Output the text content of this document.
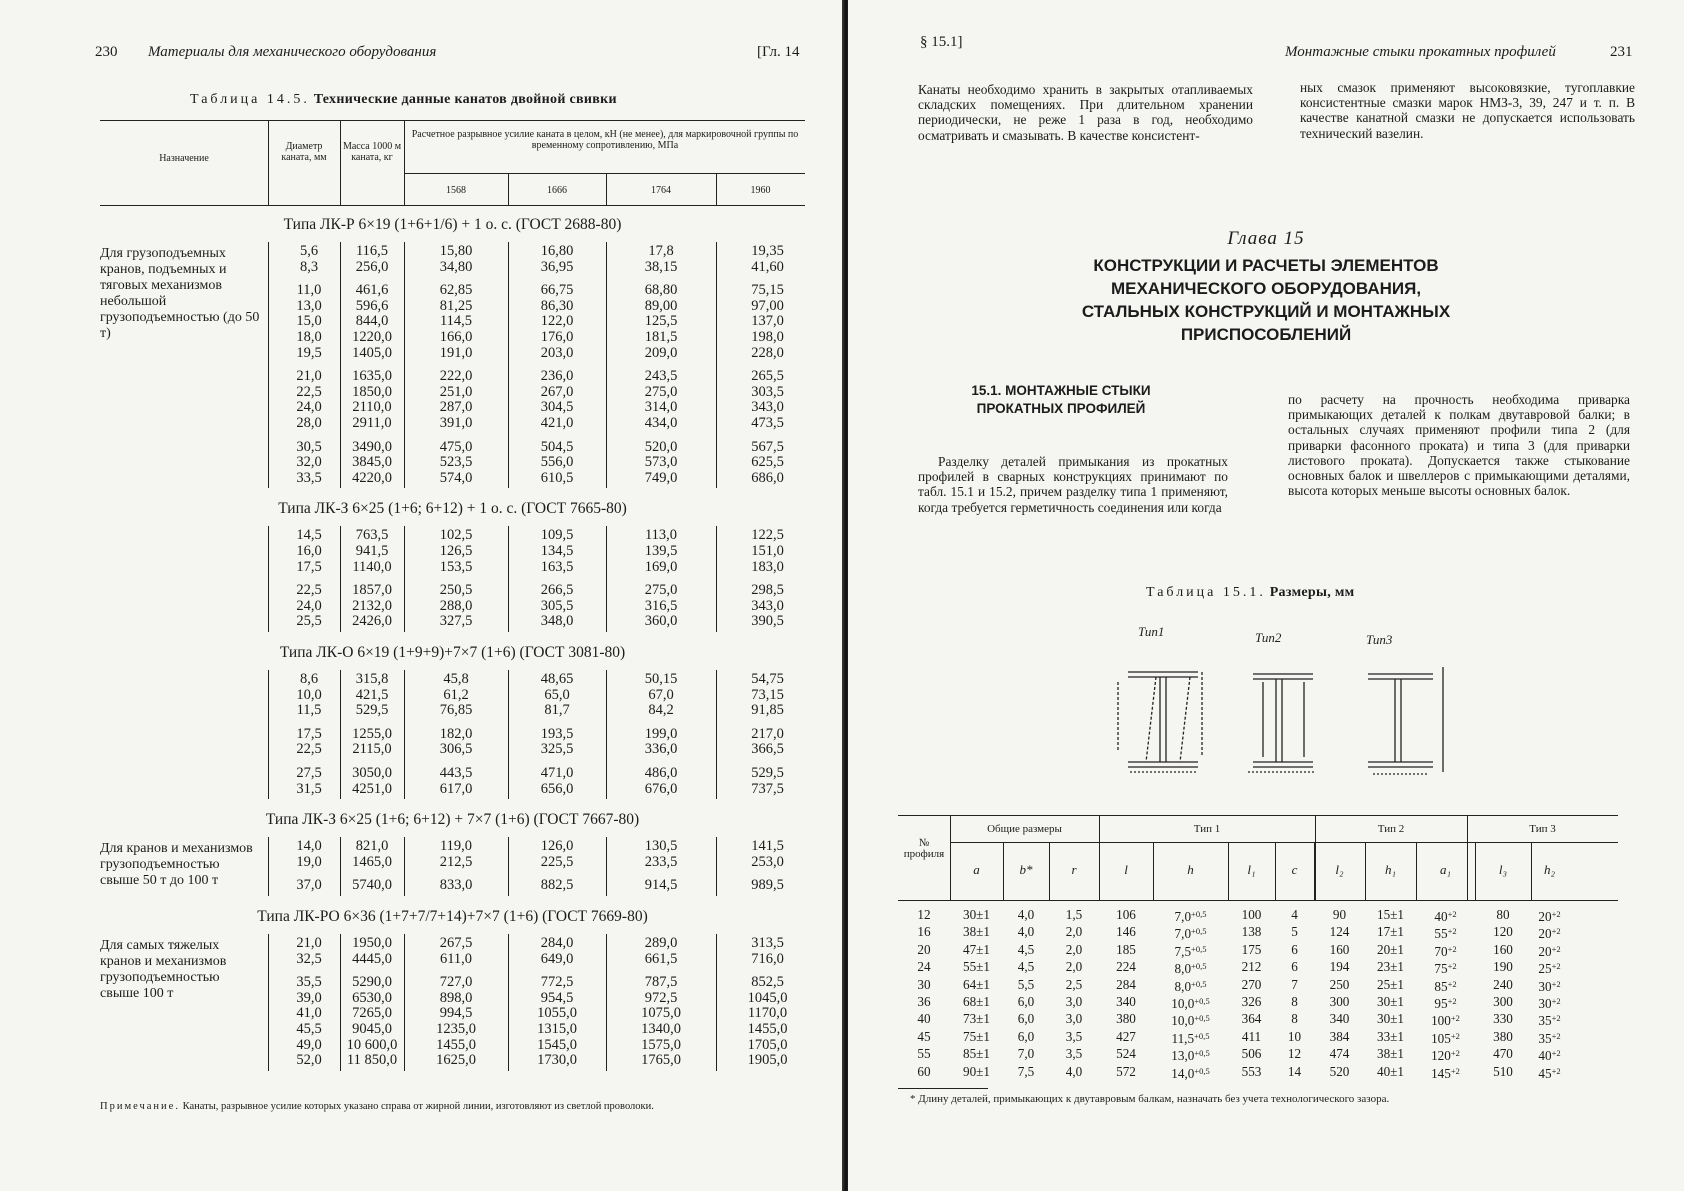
230 Материалы для механического оборудования	[Гл. 14
Таблица 14.5. Технические данные канатов двойной свивки
Назначение
Диаметр каната, мм
Масса 1000 м каната, кг
Расчетное разрывное усилие каната в целом, кН (не менее), для маркировочной группы по временному сопротивлению, МПа
1568	1666	1764	1960
Типа ЛК-Р 6×19 (1+6+1/6) + 1 о. с. (ГОСТ 2688-80)
Для грузоподъемных кранов, подъемных и тяговых механизмов небольшой грузоподъемностью (до 50 т)
5,6	116,5	15,80	16,80	17,8	19,35
8,3	256,0	34,80	36,95	38,15	41,60
11,0	461,6	62,85	66,75	68,80	75,15
13,0	596,6	81,25	86,30	89,00	97,00
15,0	844,0	114,5	122,0	125,5	137,0
18,0	1220,0	166,0	176,0	181,5	198,0
19,5	1405,0	191,0	203,0	209,0	228,0
21,0	1635,0	222,0	236,0	243,5	265,5
22,5	1850,0	251,0	267,0	275,0	303,5
24,0	2110,0	287,0	304,5	314,0	343,0
28,0	2911,0	391,0	421,0	434,0	473,5
30,5	3490,0	475,0	504,5	520,0	567,5
32,0	3845,0	523,5	556,0	573,0	625,5
33,5	4220,0	574,0	610,5	749,0	686,0
Типа ЛК-З 6×25 (1+6; 6+12) + 1 о. с. (ГОСТ 7665-80)
14,5	763,5	102,5	109,5	113,0	122,5
16,0	941,5	126,5	134,5	139,5	151,0
17,5	1140,0	153,5	163,5	169,0	183,0
22,5	1857,0	250,5	266,5	275,0	298,5
24,0	2132,0	288,0	305,5	316,5	343,0
25,5	2426,0	327,5	348,0	360,0	390,5
Типа ЛК-О 6×19 (1+9+9)+7×7 (1+6) (ГОСТ 3081-80)
8,6	315,8	45,8	48,65	50,15	54,75
10,0	421,5	61,2	65,0	67,0	73,15
11,5	529,5	76,85	81,7	84,2	91,85
17,5	1255,0	182,0	193,5	199,0	217,0
22,5	2115,0	306,5	325,5	336,0	366,5
27,5	3050,0	443,5	471,0	486,0	529,5
31,5	4251,0	617,0	656,0	676,0	737,5
Типа ЛК-З 6×25 (1+6; 6+12) + 7×7 (1+6) (ГОСТ 7667-80)
Для кранов и механизмов грузоподъемностью свыше 50 т до 100 т
14,0	821,0	119,0	126,0	130,5	141,5
19,0	1465,0	212,5	225,5	233,5	253,0
37,0	5740,0	833,0	882,5	914,5	989,5
Типа ЛК-РО 6×36 (1+7+7/7+14)+7×7 (1+6) (ГОСТ 7669-80)
Для самых тяжелых кранов и механизмов грузоподъемностью свыше 100 т
21,0	1950,0	267,5	284,0	289,0	313,5
32,5	4445,0	611,0	649,0	661,5	716,0
35,5	5290,0	727,0	772,5	787,5	852,5
39,0	6530,0	898,0	954,5	972,5	1045,0
41,0	7265,0	994,5	1055,0	1075,0	1170,0
45,5	9045,0	1235,0	1315,0	1340,0	1455,0
49,0	10 600,0	1455,0	1545,0	1575,0	1705,0
52,0	11 850,0	1625,0	1730,0	1765,0	1905,0
Примечание. Канаты, разрывное усилие которых указано справа от жирной линии, изготовляют из светлой проволоки.
§ 15.1]
Монтажные стыки прокатных профилей	231
Канаты необходимо хранить в закрытых отапливаемых складских помещениях. При длительном хранении периодически, не реже 1 раза в год, необходимо осматривать и смазывать. В качестве консистент-
ных смазок применяют высоковязкие, тугоплавкие консистентные смазки марок НМЗ-3, 39, 247 и т. п. В качестве канатной смазки не допускается использовать технический вазелин.
Глава 15
КОНСТРУКЦИИ И РАСЧЕТЫ ЭЛЕМЕНТОВ
МЕХАНИЧЕСКОГО ОБОРУДОВАНИЯ,
СТАЛЬНЫХ КОНСТРУКЦИЙ И МОНТАЖНЫХ
ПРИСПОСОБЛЕНИЙ
15.1. МОНТАЖНЫЕ СТЫКИ
ПРОКАТНЫХ ПРОФИЛЕЙ
Разделку деталей примыкания из прокатных профилей в сварных конструкциях принимают по табл. 15.1 и 15.2, причем разделку типа 1 применяют, когда требуется герметичность соединения или когда
по расчету на прочность необходима приварка примыкающих деталей к полкам двутавровой балки; в остальных случаях применяют профили типа 2 (для приварки фасонного проката) и типа 3 (для приварки листового проката). Допускается также стыкование основных балок и швеллеров с примыкающими деталями, высота которых меньше высоты основных балок.
Таблица 15.1. Размеры, мм
Тип1	Тип2	Тип3
№ профиля
Общие размеры	Тип 1	Тип 2	Тип 3
a	b*	r	l	h	l₁	c	l₂	h₁	a₁	l₃	h₂
12	30±1	4,0	1,5	106	$7,0^{+0,5}$	100	4	90	15±1	$40^{+2}$	80	$20^{+2}$
16	38±1	4,0	2,0	146	$7,0^{+0,5}$	138	5	124	17±1	$55^{+2}$	120	$20^{+2}$
20	47±1	4,5	2,0	185	$7,5^{+0,5}$	175	6	160	20±1	$70^{+2}$	160	$20^{+2}$
24	55±1	4,5	2,0	224	$8,0^{+0,5}$	212	6	194	23±1	$75^{+2}$	190	$25^{+2}$
30	64±1	5,5	2,5	284	$8,0^{+0,5}$	270	7	250	25±1	$85^{+2}$	240	$30^{+2}$
36	68±1	6,0	3,0	340	$10,0^{+0,5}$	326	8	300	30±1	$95^{+2}$	300	$30^{+2}$
40	73±1	6,0	3,0	380	$10,0^{+0,5}$	364	8	340	30±1	$100^{+2}$	330	$35^{+2}$
45	75±1	6,0	3,5	427	$11,5^{+0,5}$	411	10	384	33±1	$105^{+2}$	380	$35^{+2}$
55	85±1	7,0	3,5	524	$13,0^{+0,5}$	506	12	474	38±1	$120^{+2}$	470	$40^{+2}$
60	90±1	7,5	4,0	572	$14,0^{+0,5}$	553	14	520	40±1	$145^{+2}$	510	$45^{+2}$
* Длину деталей, примыкающих к двутавровым балкам, назначать без учета технологического зазора.
